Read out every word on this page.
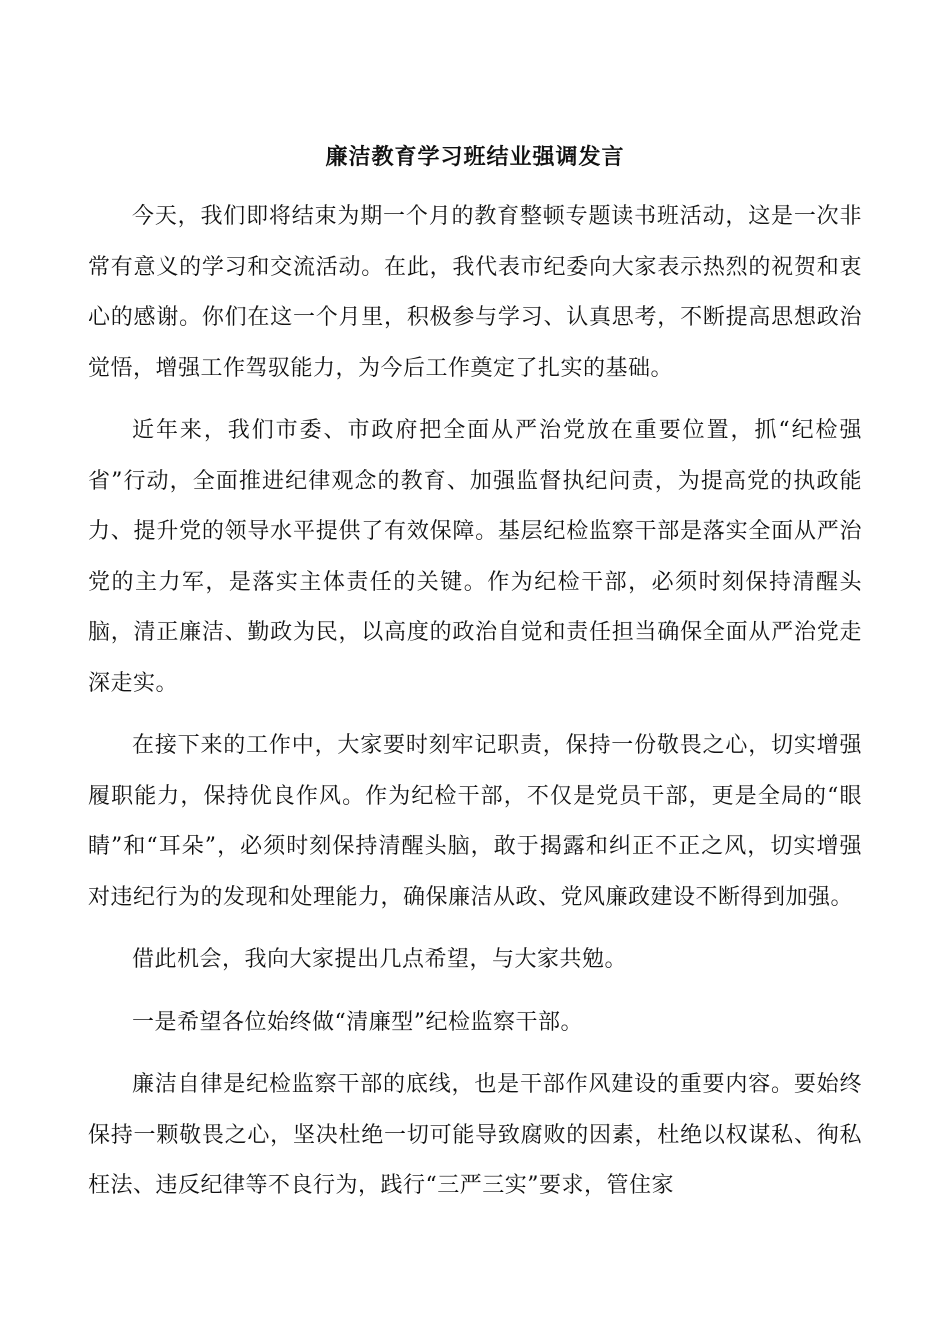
廉洁教育学习班结业强调发言

今天，我们即将结束为期一个月的教育整顿专题读书班活动，这是一次非常有意义的学习和交流活动。在此，我代表市纪委向大家表示热烈的祝贺和衷心的感谢。你们在这一个月里，积极参与学习、认真思考，不断提高思想政治觉悟，增强工作驾驭能力，为今后工作奠定了扎实的基础。

近年来，我们市委、市政府把全面从严治党放在重要位置，抓“纪检强省”行动，全面推进纪律观念的教育、加强监督执纪问责，为提高党的执政能力、提升党的领导水平提供了有效保障。基层纪检监察干部是落实全面从严治党的主力军，是落实主体责任的关键。作为纪检干部，必须时刻保持清醒头脑，清正廉洁、勤政为民，以高度的政治自觉和责任担当确保全面从严治党走深走实。

在接下来的工作中，大家要时刻牢记职责，保持一份敬畏之心，切实增强履职能力，保持优良作风。作为纪检干部，不仅是党员干部，更是全局的“眼睛”和“耳朵”，必须时刻保持清醒头脑，敢于揭露和纠正不正之风，切实增强对违纪行为的发现和处理能力，确保廉洁从政、党风廉政建设不断得到加强。

借此机会，我向大家提出几点希望，与大家共勉。

一是希望各位始终做“清廉型”纪检监察干部。

廉洁自律是纪检监察干部的底线，也是干部作风建设的重要内容。要始终保持一颗敬畏之心，坚决杜绝一切可能导致腐败的因素，杜绝以权谋私、徇私枉法、违反纪律等不良行为，践行“三严三实”要求，管住家
